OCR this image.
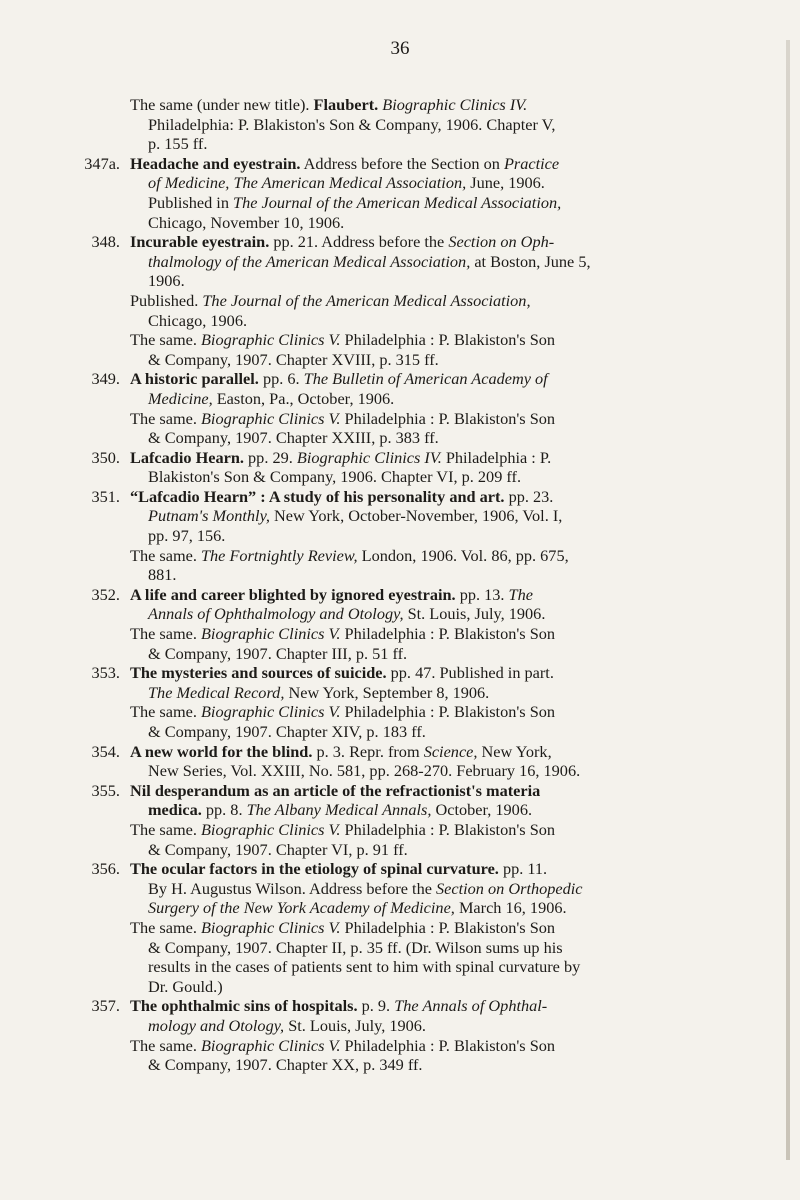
36
The same (under new title). Flaubert. Biographic Clinics IV.
Philadelphia: P. Blakiston's Son & Company, 1906. Chapter V,
p. 155 ff.
347a. Headache and eyestrain. Address before the Section on Practice
of Medicine, The American Medical Association, June, 1906.
Published in The Journal of the American Medical Association,
Chicago, November 10, 1906.
348. Incurable eyestrain. pp. 21. Address before the Section on Oph-
thalmology of the American Medical Association, at Boston, June 5,
1906.
Published. The Journal of the American Medical Association,
Chicago, 1906.
The same. Biographic Clinics V. Philadelphia : P. Blakiston's Son
& Company, 1907. Chapter XVIII, p. 315 ff.
349. A historic parallel. pp. 6. The Bulletin of American Academy of
Medicine, Easton, Pa., October, 1906.
The same. Biographic Clinics V. Philadelphia : P. Blakiston's Son
& Company, 1907. Chapter XXIII, p. 383 ff.
350. Lafcadio Hearn. pp. 29. Biographic Clinics IV. Philadelphia : P.
Blakiston's Son & Company, 1906. Chapter VI, p. 209 ff.
351. “Lafcadio Hearn” : A study of his personality and art. pp. 23.
Putnam's Monthly, New York, October-November, 1906, Vol. I,
pp. 97, 156.
The same. The Fortnightly Review, London, 1906. Vol. 86, pp. 675,
881.
352. A life and career blighted by ignored eyestrain. pp. 13. The
Annals of Ophthalmology and Otology, St. Louis, July, 1906.
The same. Biographic Clinics V. Philadelphia : P. Blakiston's Son
& Company, 1907. Chapter III, p. 51 ff.
353. The mysteries and sources of suicide. pp. 47. Published in part.
The Medical Record, New York, September 8, 1906.
The same. Biographic Clinics V. Philadelphia : P. Blakiston's Son
& Company, 1907. Chapter XIV, p. 183 ff.
354. A new world for the blind. p. 3. Repr. from Science, New York,
New Series, Vol. XXIII, No. 581, pp. 268-270. February 16, 1906.
355. Nil desperandum as an article of the refractionist's materia
medica. pp. 8. The Albany Medical Annals, October, 1906.
The same. Biographic Clinics V. Philadelphia : P. Blakiston's Son
& Company, 1907. Chapter VI, p. 91 ff.
356. The ocular factors in the etiology of spinal curvature. pp. 11.
By H. Augustus Wilson. Address before the Section on Orthopedic
Surgery of the New York Academy of Medicine, March 16, 1906.
The same. Biographic Clinics V. Philadelphia : P. Blakiston's Son
& Company, 1907. Chapter II, p. 35 ff. (Dr. Wilson sums up his
results in the cases of patients sent to him with spinal curvature by
Dr. Gould.)
357. The ophthalmic sins of hospitals. p. 9. The Annals of Ophthal-
mology and Otology, St. Louis, July, 1906.
The same. Biographic Clinics V. Philadelphia : P. Blakiston's Son
& Company, 1907. Chapter XX, p. 349 ff.
